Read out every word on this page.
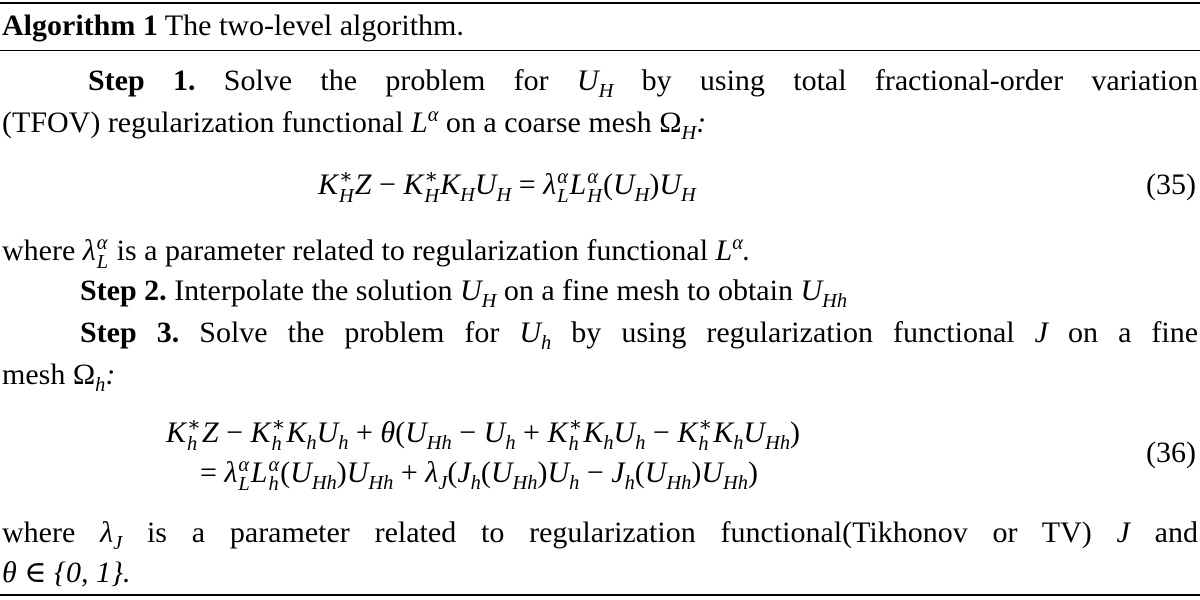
Algorithm 1 The two-level algorithm.
Step 1. Solve the problem for $U_H$ by using total fractional-order variation
(TFOV) regularization functional $L^\alpha$ on a coarse mesh $\Omega_H$:
K ∗
H Z − K ∗
H $K_HU_H = \lambda$ α
L L α
H $(U_H)U_H$	(35)
where λ α
L is a parameter related to regularization functional $L^\alpha$.
Step 2. Interpolate the solution $U_H$ on a fine mesh to obtain $U_{Hh}$
Step 3. Solve the problem for $U_h$ by using regularization functional J on a fine
mesh $\Omega_h$:
K ∗
h Z − K ∗
h $K_hU_h + \theta(U_{Hh} - U_h + K$ ∗
h $K_hU_h - K$ ∗
h $K_hU_{Hh}$)
= λ α
L L α
h $(U_{Hh})U_{Hh} + \lambda_J(J_h(U_{Hh})U_h - J_h(U_{Hh})U_{Hh})$
(36)
where $\lambda_J$ is a parameter related to regularization functional(Tikhonov or TV) J and
θ ∈ {0, 1}.
